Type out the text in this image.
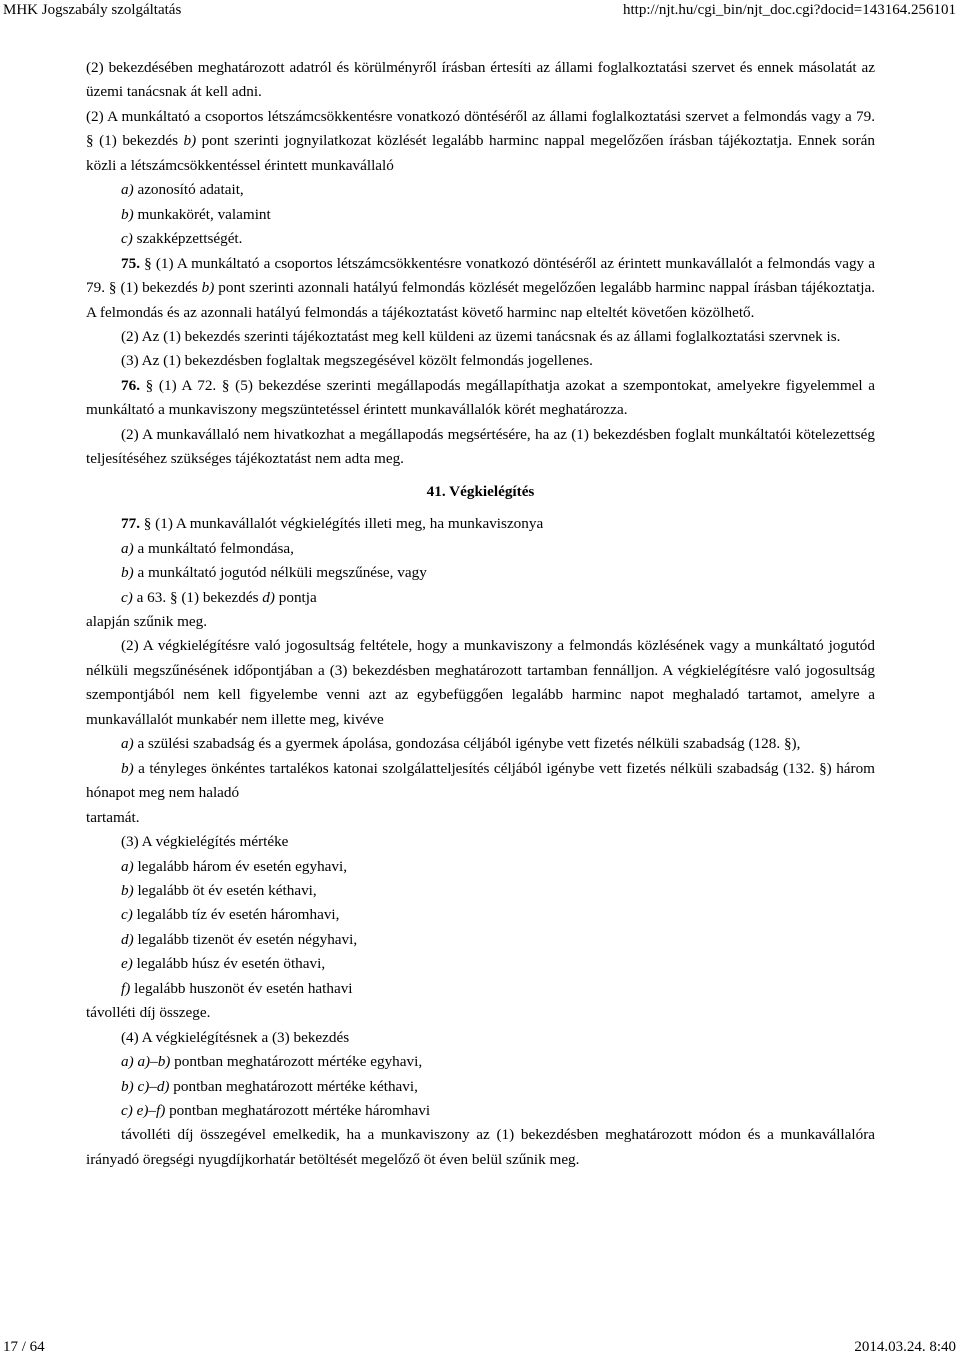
MHK Jogszabály szolgáltatás	http://njt.hu/cgi_bin/njt_doc.cgi?docid=143164.256101

(2) bekezdésében meghatározott adatról és körülményről írásban értesíti az állami foglalkoztatási szervet és ennek másolatát az üzemi tanácsnak át kell adni.

(2) A munkáltató a csoportos létszámcsökkentésre vonatkozó döntéséről az állami foglalkoztatási szervet a felmondás vagy a 79. § (1) bekezdés b) pont szerinti jognyilatkozat közlését legalább harminc nappal megelőzően írásban tájékoztatja. Ennek során közli a létszámcsökkentéssel érintett munkavállaló

a) azonosító adatait,

b) munkakörét, valamint

c) szakképzettségét.

75. § (1) A munkáltató a csoportos létszámcsökkentésre vonatkozó döntéséről az érintett munkavállalót a felmondás vagy a 79. § (1) bekezdés b) pont szerinti azonnali hatályú felmondás közlését megelőzően legalább harminc nappal írásban tájékoztatja. A felmondás és az azonnali hatályú felmondás a tájékoztatást követő harminc nap elteltét követően közölhető.

(2) Az (1) bekezdés szerinti tájékoztatást meg kell küldeni az üzemi tanácsnak és az állami foglalkoztatási szervnek is.

(3) Az (1) bekezdésben foglaltak megszegésével közölt felmondás jogellenes.

76. § (1) A 72. § (5) bekezdése szerinti megállapodás megállapíthatja azokat a szempontokat, amelyekre figyelemmel a munkáltató a munkaviszony megszüntetéssel érintett munkavállalók körét meghatározza.

(2) A munkavállaló nem hivatkozhat a megállapodás megsértésére, ha az (1) bekezdésben foglalt munkáltatói kötelezettség teljesítéséhez szükséges tájékoztatást nem adta meg.

41. Végkielégítés

77. § (1) A munkavállalót végkielégítés illeti meg, ha munkaviszonya

a) a munkáltató felmondása,

b) a munkáltató jogutód nélküli megszűnése, vagy

c) a 63. § (1) bekezdés d) pontja

alapján szűnik meg.

(2) A végkielégítésre való jogosultság feltétele, hogy a munkaviszony a felmondás közlésének vagy a munkáltató jogutód nélküli megszűnésének időpontjában a (3) bekezdésben meghatározott tartamban fennálljon. A végkielégítésre való jogosultság szempontjából nem kell figyelembe venni azt az egybefüggően legalább harminc napot meghaladó tartamot, amelyre a munkavállalót munkabér nem illette meg, kivéve

a) a szülési szabadság és a gyermek ápolása, gondozása céljából igénybe vett fizetés nélküli szabadság (128. §),

b) a tényleges önkéntes tartalékos katonai szolgálatteljesítés céljából igénybe vett fizetés nélküli szabadság (132. §) három hónapot meg nem haladó

tartamát.

(3) A végkielégítés mértéke

a) legalább három év esetén egyhavi,

b) legalább öt év esetén kéthavi,

c) legalább tíz év esetén háromhavi,

d) legalább tizenöt év esetén négyhavi,

e) legalább húsz év esetén öthavi,

f) legalább huszonöt év esetén hathavi

távolléti díj összege.

(4) A végkielégítésnek a (3) bekezdés

a) a)–b) pontban meghatározott mértéke egyhavi,

b) c)–d) pontban meghatározott mértéke kéthavi,

c) e)–f) pontban meghatározott mértéke háromhavi

távolléti díj összegével emelkedik, ha a munkaviszony az (1) bekezdésben meghatározott módon és a munkavállalóra irányadó öregségi nyugdíjkorhatár betöltését megelőző öt éven belül szűnik meg.

17 / 64	2014.03.24. 8:40
